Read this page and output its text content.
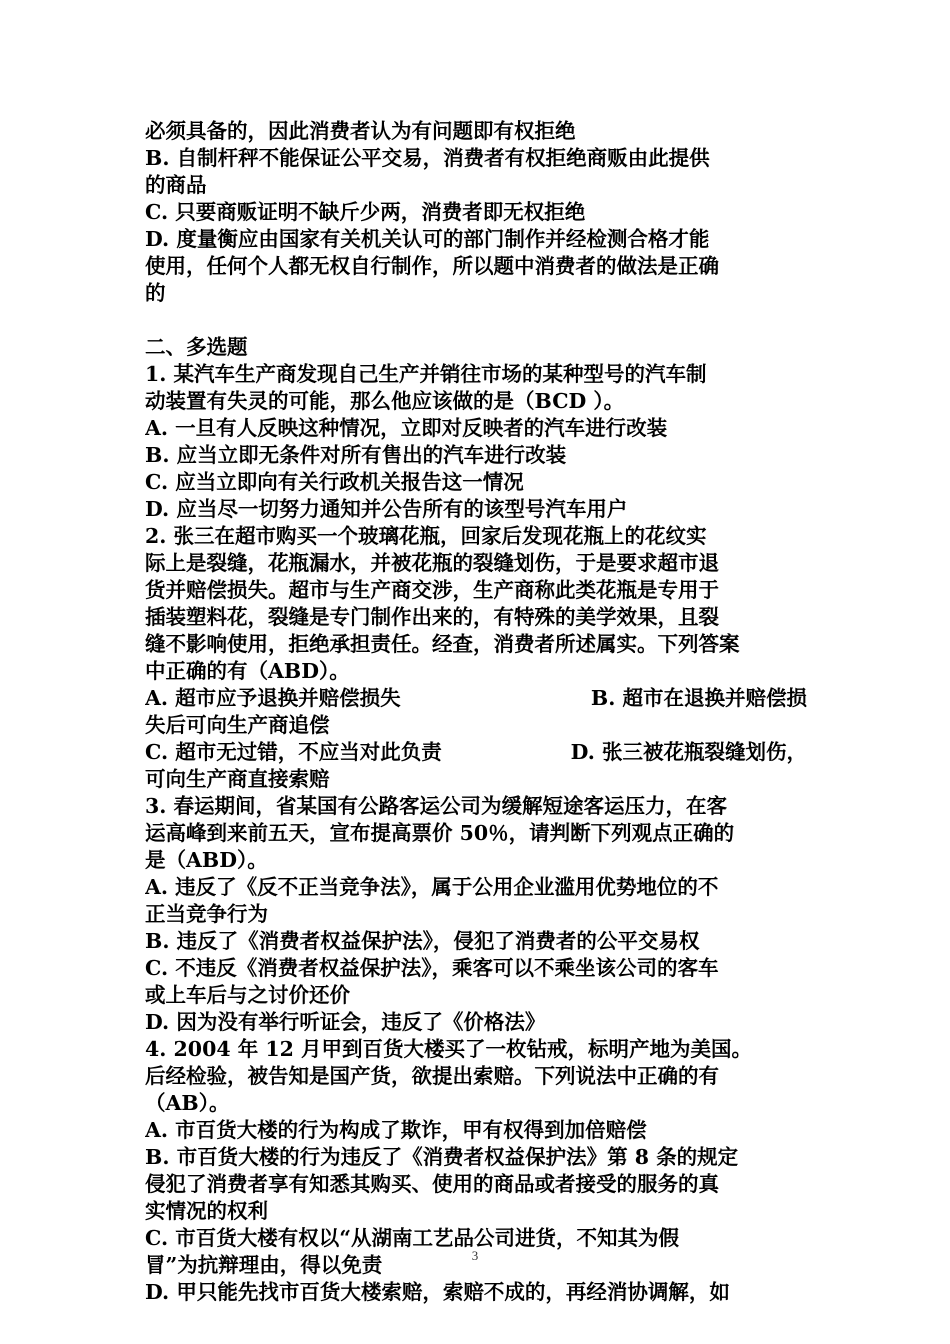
必须具备的，因此消费者认为有问题即有权拒绝
B. 自制杆秤不能保证公平交易，消费者有权拒绝商贩由此提供
的商品
C. 只要商贩证明不缺斤少两，消费者即无权拒绝
D. 度量衡应由国家有关机关认可的部门制作并经检测合格才能
使用，任何个人都无权自行制作，所以题中消费者的做法是正确
的
二、多选题
1. 某汽车生产商发现自己生产并销往市场的某种型号的汽车制
动装置有失灵的可能，那么他应该做的是（BCD ）。
A. 一旦有人反映这种情况，立即对反映者的汽车进行改装
B. 应当立即无条件对所有售出的汽车进行改装
C. 应当立即向有关行政机关报告这一情况
D. 应当尽一切努力通知并公告所有的该型号汽车用户
2. 张三在超市购买一个玻璃花瓶，回家后发现花瓶上的花纹实
际上是裂缝，花瓶漏水，并被花瓶的裂缝划伤，于是要求超市退
货并赔偿损失。超市与生产商交涉，生产商称此类花瓶是专用于
插装塑料花，裂缝是专门制作出来的，有特殊的美学效果，且裂
缝不影响使用，拒绝承担责任。经查，消费者所述属实。下列答案
中正确的有（ABD）。
A. 超市应予退换并赔偿损失	B. 超市在退换并赔偿损
失后可向生产商追偿
C. 超市无过错，不应当对此负责	D. 张三被花瓶裂缝划伤，
可向生产商直接索赔
3. 春运期间，省某国有公路客运公司为缓解短途客运压力，在客
运高峰到来前五天，宣布提高票价 50％，请判断下列观点正确的
是（ABD）。
A. 违反了《反不正当竞争法》，属于公用企业滥用优势地位的不
正当竞争行为
B. 违反了《消费者权益保护法》，侵犯了消费者的公平交易权
C. 不违反《消费者权益保护法》，乘客可以不乘坐该公司的客车
或上车后与之讨价还价
D. 因为没有举行听证会，违反了《价格法》
4. 2004 年 12 月甲到百货大楼买了一枚钻戒，标明产地为美国。
后经检验，被告知是国产货，欲提出索赔。下列说法中正确的有
（AB）。
A. 市百货大楼的行为构成了欺诈，甲有权得到加倍赔偿
B. 市百货大楼的行为违反了《消费者权益保护法》第 8 条的规定
侵犯了消费者享有知悉其购买、使用的商品或者接受的服务的真
实情况的权利
C. 市百货大楼有权以“从湖南工艺品公司进货，不知其为假
冒”为抗辩理由，得以免责
D. 甲只能先找市百货大楼索赔，索赔不成的，再经消协调解，如
3
